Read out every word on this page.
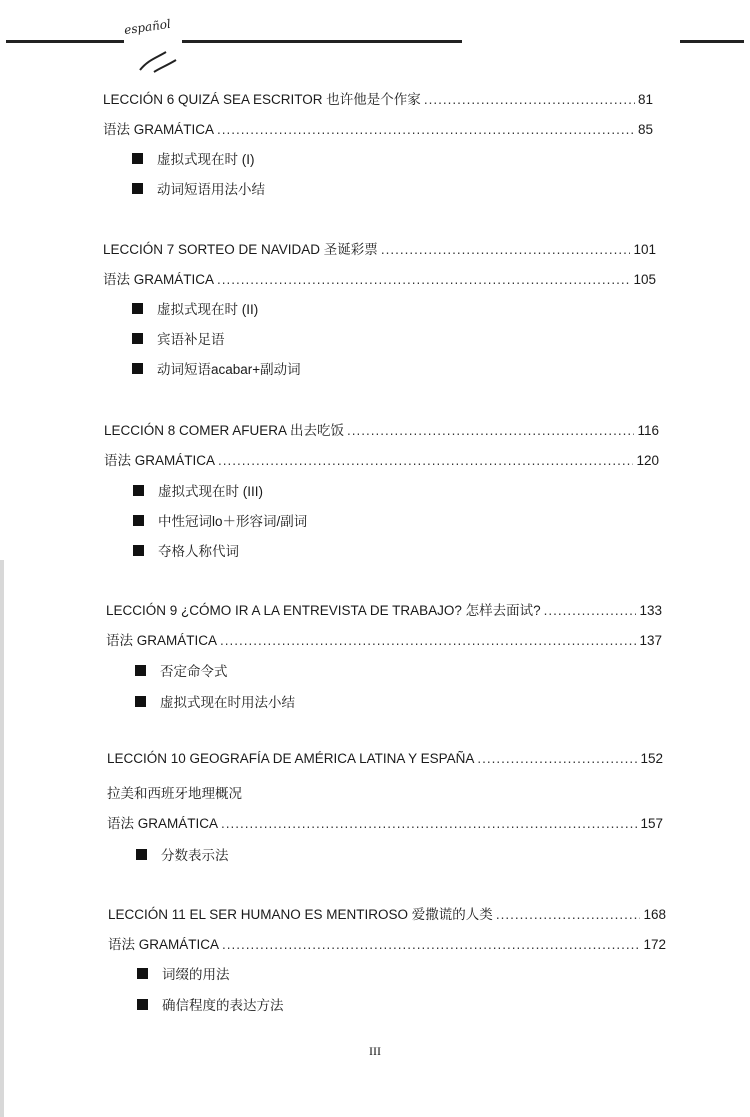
español
LECCIÓN 6 QUIZÁ SEA ESCRITOR 也许他是个作家 .....	81
语法 GRAMÁTICA .....	85
虚拟式现在时 (I)
动词短语用法小结
LECCIÓN 7 SORTEO DE NAVIDAD 圣诞彩票 .....	101
语法 GRAMÁTICA .....	105
虚拟式现在时 (II)
宾语补足语
动词短语acabar+副动词
LECCIÓN 8 COMER AFUERA 出去吃饭 .....	116
语法 GRAMÁTICA .....	120
虚拟式现在时 (III)
中性冠词lo＋形容词/副词
夺格人称代词
LECCIÓN 9 ¿CÓMO IR A LA ENTREVISTA DE TRABAJO? 怎样去面试? .....	133
语法 GRAMÁTICA .....	137
否定命令式
虚拟式现在时用法小结
LECCIÓN 10 GEOGRAFÍA DE AMÉRICA LATINA Y ESPAÑA .....	152
拉美和西班牙地理概况
语法 GRAMÁTICA .....	157
分数表示法
LECCIÓN 11 EL SER HUMANO ES MENTIROSO 爱撒谎的人类 .....	168
语法 GRAMÁTICA .....	172
词缀的用法
确信程度的表达方法
III
